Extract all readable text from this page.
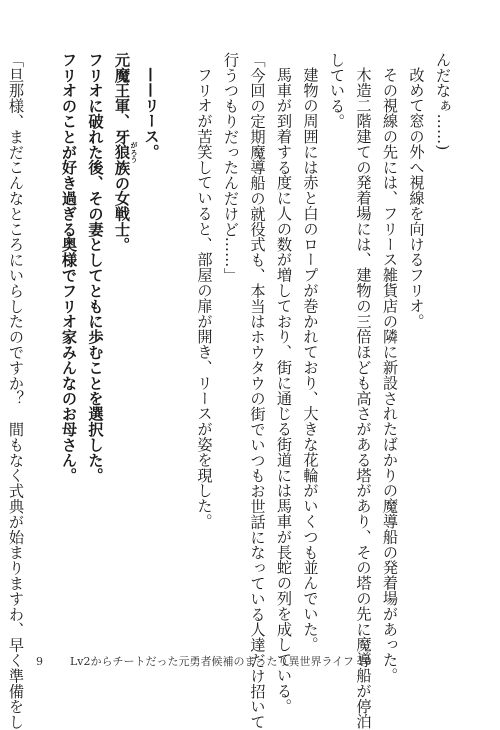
んだなぁ……)
改めて窓の外へ視線を向けるフリオ。
その視線の先には、フリース雑貨店の隣に新設されたばかりの魔導船の発着場があった。
木造二階建ての発着場には、建物の三倍ほども高さがある塔があり、その塔の先に魔導船が停泊
している。
建物の周囲には赤と白のロープが巻かれており、大きな花輪がいくつも並んでいた。
馬車が到着する度に人の数が増しており、街に通じる街道には馬車が長蛇の列を成している。
「今回の定期魔導船の就役式も、本当はホウタウの街でいつもお世話になっている人達だけ招いて
行うつもりだったんだけど……」
フリオが苦笑していると、部屋の扉が開き、リースが姿を現した。
——リース。
元魔王軍、牙狼 がろう族の女戦士。
フリオに破れた後、その妻としてともに歩むことを選択した。
フリオのことが好き過ぎる奥様でフリオ家みんなのお母さん。
「旦那様、まだこんなところにいらしたのですか？　間もなく式典が始まりますわ、早く準備をし	9 Lv2からチートだった元勇者候補のまったり異世界ライフ 10
